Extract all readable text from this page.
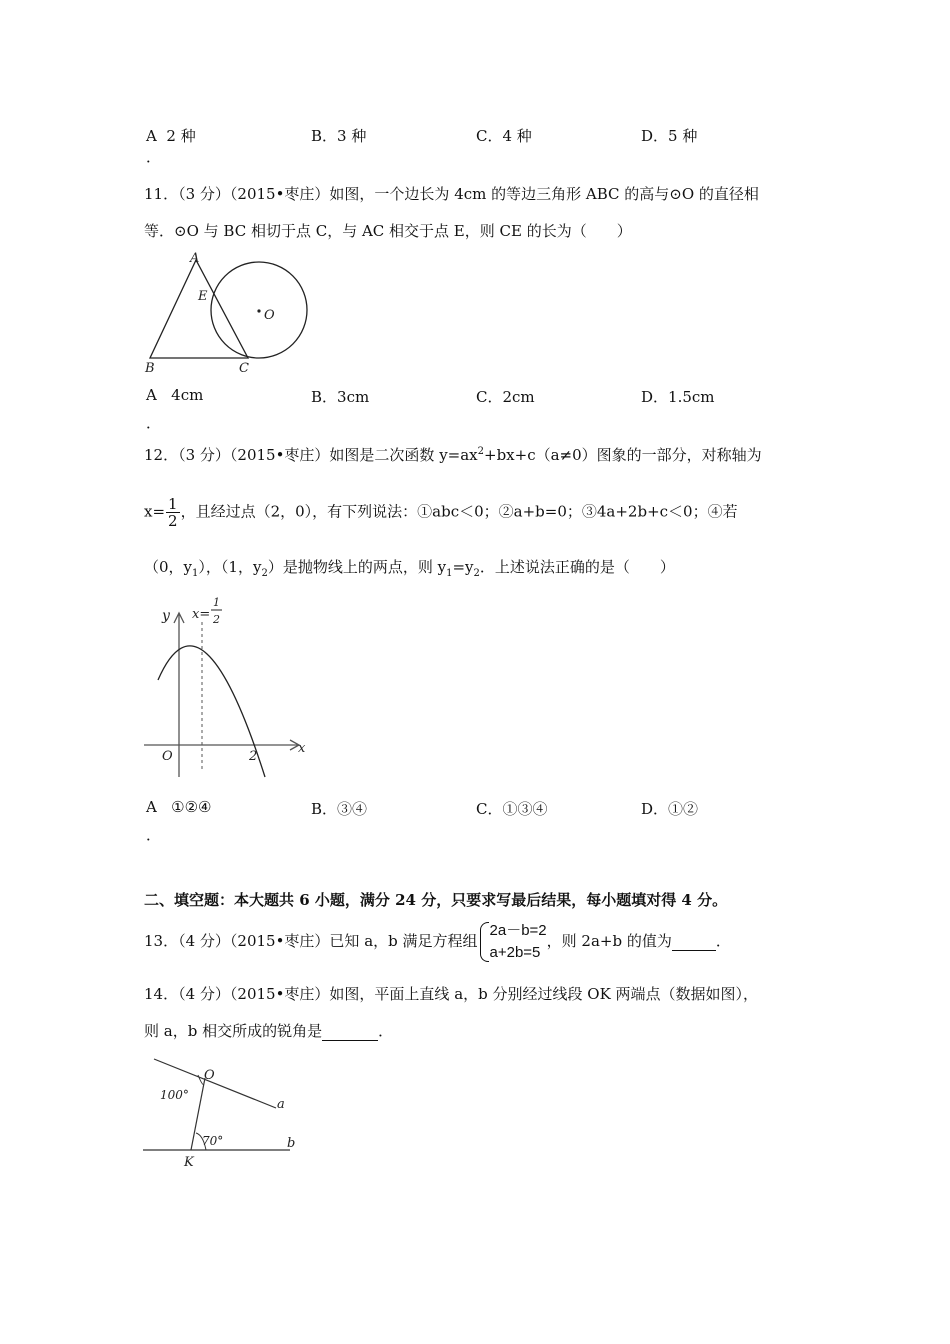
A 2 种	B．3 种	C．4 种	D．5 种
．
11．（3 分）（2015•枣庄）如图，一个边长为 4cm 的等边三角形 ABC 的高与⊙O 的直径相
等．⊙O 与 BC 相切于点 C，与 AC 相交于点 E，则 CE 的长为（　　）
A
E
O
B	C
A 4cm	B．3cm	C．2cm	D．1.5cm
．
12．（3 分）（2015•枣庄）如图是二次函数 $y=ax^2+bx+c(a\ne 0)$图象的一部分，对称轴为
$x= \frac{1}{2}$ ，且经过点（2，0），有下列说法：①abc＜0；②a+b=0；③4a+2b+c＜0；④若
（0，$y_1$），（1，$y_2$）是抛物线上的两点，则 $y_1=y_2$．上述说法正确的是（　　）
y x=
1
2
O	2
x
A ①②④	B．③④	C．①③④	D．①②
．
二、填空题：本大题共 6 小题，满分 24 分，只要求写最后结果，每小题填对得 4 分。
13．（4 分）（2015•枣庄）已知 a，b 满足方程组
2a－b=2
a+2b=5
，则 2a+b 的值为	．
14．（4 分）（2015•枣庄）如图，平面上直线 a，b 分别经过线段 OK 两端点（数据如图），
则 a，b 相交所成的锐角是	．
O
K
a
b
100°
70°
